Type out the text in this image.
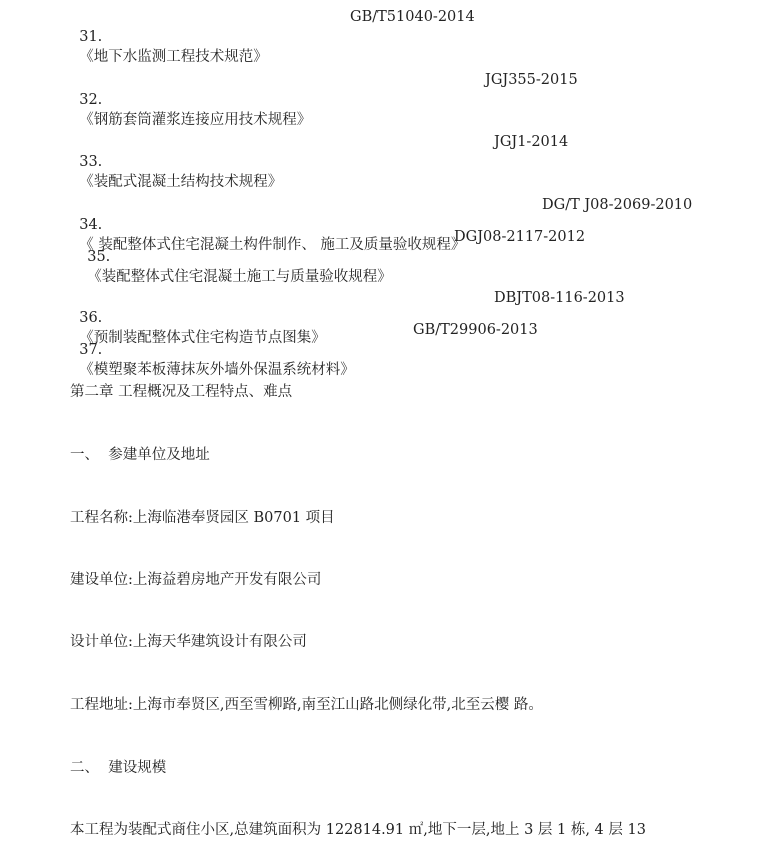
31.
《地下水监测工程技术规范》

GB/T51040-2014

32.
《钢筋套筒灌浆连接应用技术规程》

JGJ355-2015

33.
《装配式混凝土结构技术规程》

JGJ1-2014

34.
《 装配整体式住宅混凝土构件制作、 施工及质量验收规程》

DG/T J08-2069-2010

35.
《装配整体式住宅混凝土施工与质量验收规程》

DGJ08-2117-2012

36.
《预制装配整体式住宅构造节点图集》

DBJT08-116-2013

37.
《模塑聚苯板薄抹灰外墙外保温系统材料》

GB/T29906-2013
第二章 工程概况及工程特点、难点
一、  参建单位及地址
工程名称:上海临港奉贤园区 B0701 项目
建设单位:上海益碧房地产开发有限公司
设计单位:上海天华建筑设计有限公司
工程地址:上海市奉贤区,西至雪柳路,南至江山路北侧绿化带,北至云樱 路。
二、  建设规模
本工程为装配式商住小区,总建筑面积为 122814.91 ㎡,地下一层,地上 3 层 1 栋, 4 层 13
